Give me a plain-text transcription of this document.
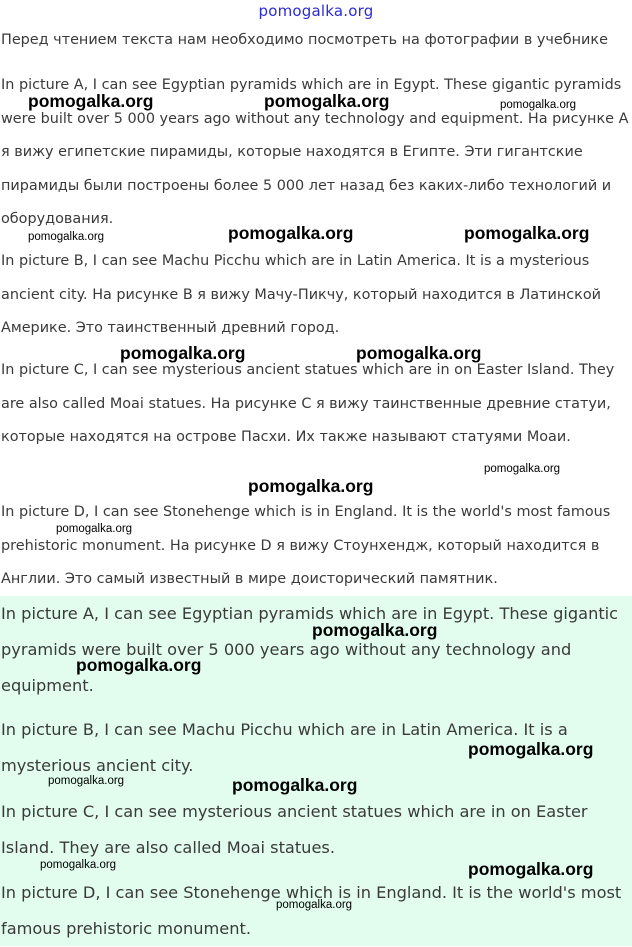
pomogalka.org

Перед чтением текста нам необходимо посмотреть на фотографии в учебнике

In picture A, I can see Egyptian pyramids which are in Egypt. These gigantic pyramids were built over 5 000 years ago without any technology and equipment. На рисунке А я вижу египетские пирамиды, которые находятся в Египте. Эти гигантские пирамиды были построены более 5 000 лет назад без каких-либо технологий и оборудования.

In picture B, I can see Machu Picchu which are in Latin America. It is a mysterious ancient city. На рисунке В я вижу Мачу-Пикчу, который находится в Латинской Америке. Это таинственный древний город.

In picture C, I can see mysterious ancient statues which are in on Easter Island. They are also called Moai statues. На рисунке С я вижу таинственные древние статуи, которые находятся на острове Пасхи. Их также называют статуями Моаи.

In picture D, I can see Stonehenge which is in England. It is the world's most famous prehistoric monument. На рисунке D я вижу Стоунхендж, который находится в Англии. Это самый известный в мире доисторический памятник.

In picture A, I can see Egyptian pyramids which are in Egypt. These gigantic pyramids were built over 5 000 years ago without any technology and equipment.

In picture B, I can see Machu Picchu which are in Latin America. It is a mysterious ancient city.

In picture C, I can see mysterious ancient statues which are in on Easter Island. They are also called Moai statues.

In picture D, I can see Stonehenge which is in England. It is the world's most famous prehistoric monument.

pomogalka.org	pomogalka.org	pomogalka.org
pomogalka.org	pomogalka.org	pomogalka.org
pomogalka.org	pomogalka.org
pomogalka.org
pomogalka.org
pomogalka.org
pomogalka.org
pomogalka.org
pomogalka.org
pomogalka.org	pomogalka.org
pomogalka.org	pomogalka.org
pomogalka.org
